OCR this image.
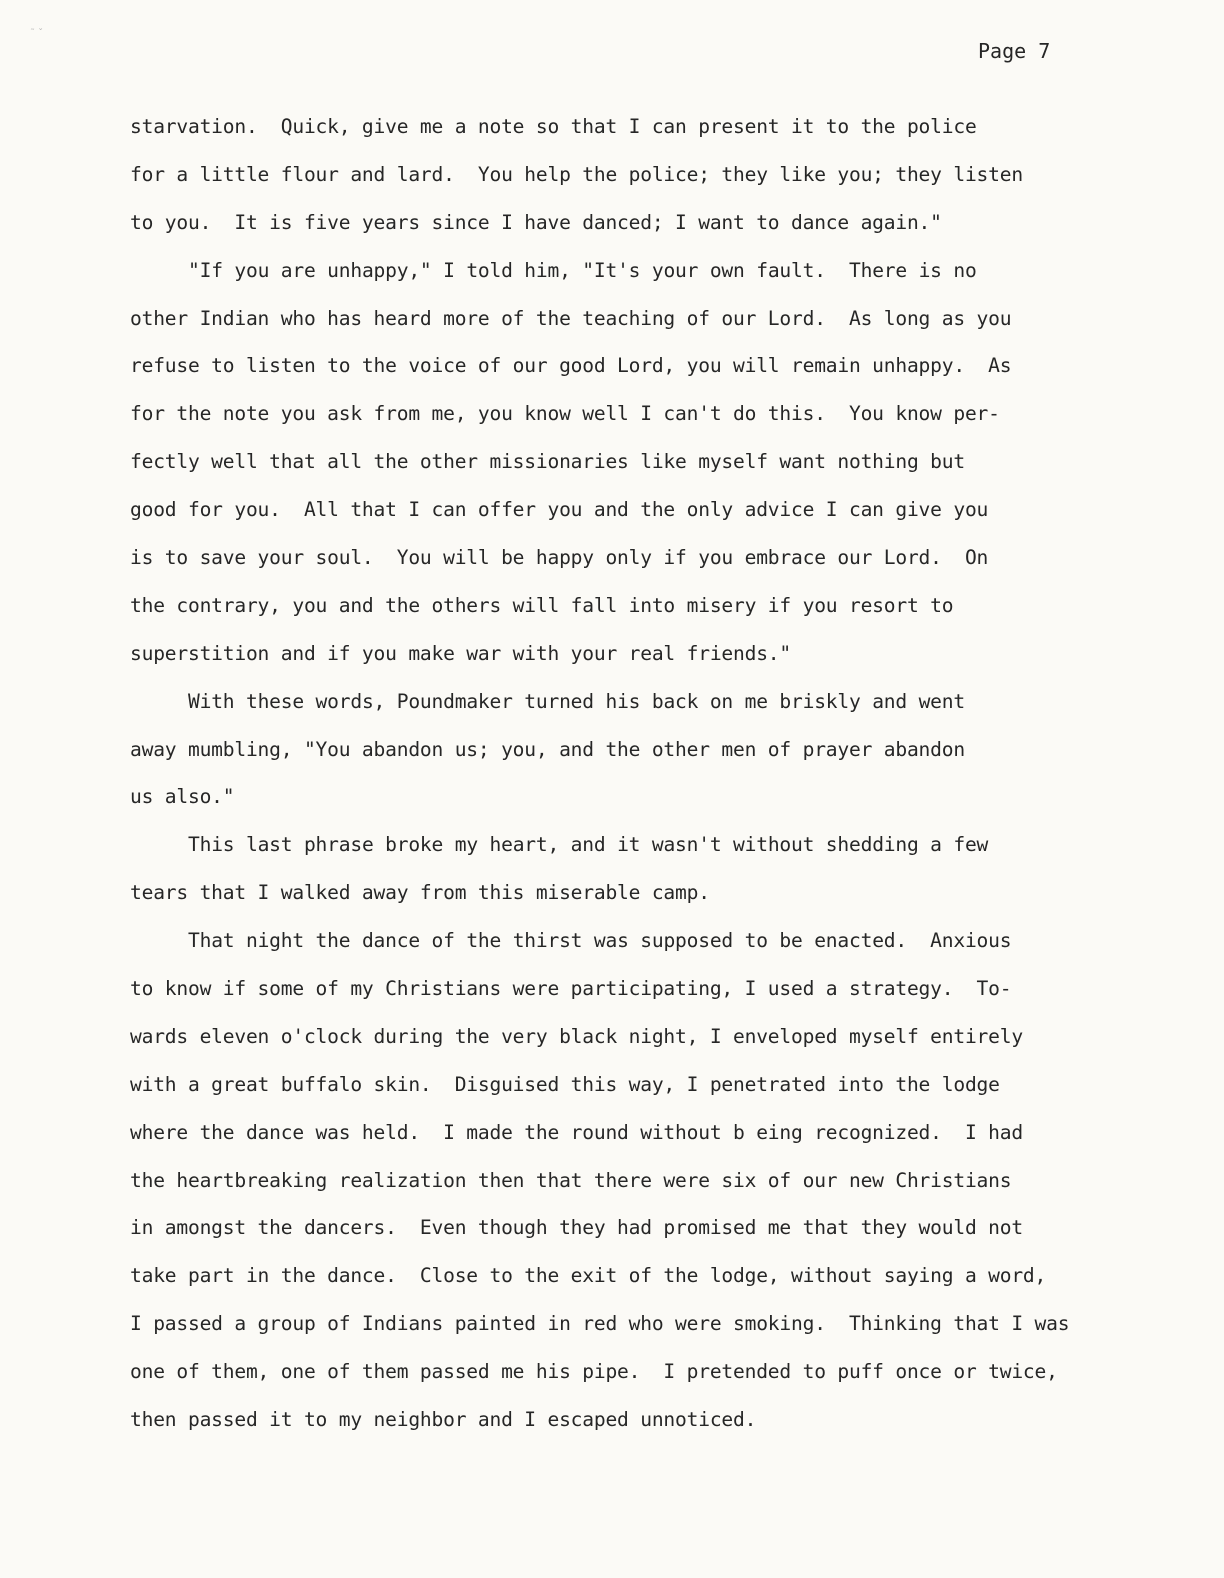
˜ ˇ
Page 7
starvation.  Quick, give me a note so that I can present it to the police
for a little flour and lard.  You help the police; they like you; they listen
to you.  It is five years since I have danced; I want to dance again."
"If you are unhappy," I told him, "It's your own fault.  There is no
other Indian who has heard more of the teaching of our Lord.  As long as you
refuse to listen to the voice of our good Lord, you will remain unhappy.  As
for the note you ask from me, you know well I can't do this.  You know per-
fectly well that all the other missionaries like myself want nothing but
good for you.  All that I can offer you and the only advice I can give you
is to save your soul.  You will be happy only if you embrace our Lord.  On
the contrary, you and the others will fall into misery if you resort to
superstition and if you make war with your real friends."
With these words, Poundmaker turned his back on me briskly and went
away mumbling, "You abandon us; you, and the other men of prayer abandon
us also."
This last phrase broke my heart, and it wasn't without shedding a few
tears that I walked away from this miserable camp.
That night the dance of the thirst was supposed to be enacted.  Anxious
to know if some of my Christians were participating, I used a strategy.  To-
wards eleven o'clock during the very black night, I enveloped myself entirely
with a great buffalo skin.  Disguised this way, I penetrated into the lodge
where the dance was held.  I made the round without b eing recognized.  I had
the heartbreaking realization then that there were six of our new Christians
in amongst the dancers.  Even though they had promised me that they would not
take part in the dance.  Close to the exit of the lodge, without saying a word,
I passed a group of Indians painted in red who were smoking.  Thinking that I was
one of them, one of them passed me his pipe.  I pretended to puff once or twice,
then passed it to my neighbor and I escaped unnoticed.
